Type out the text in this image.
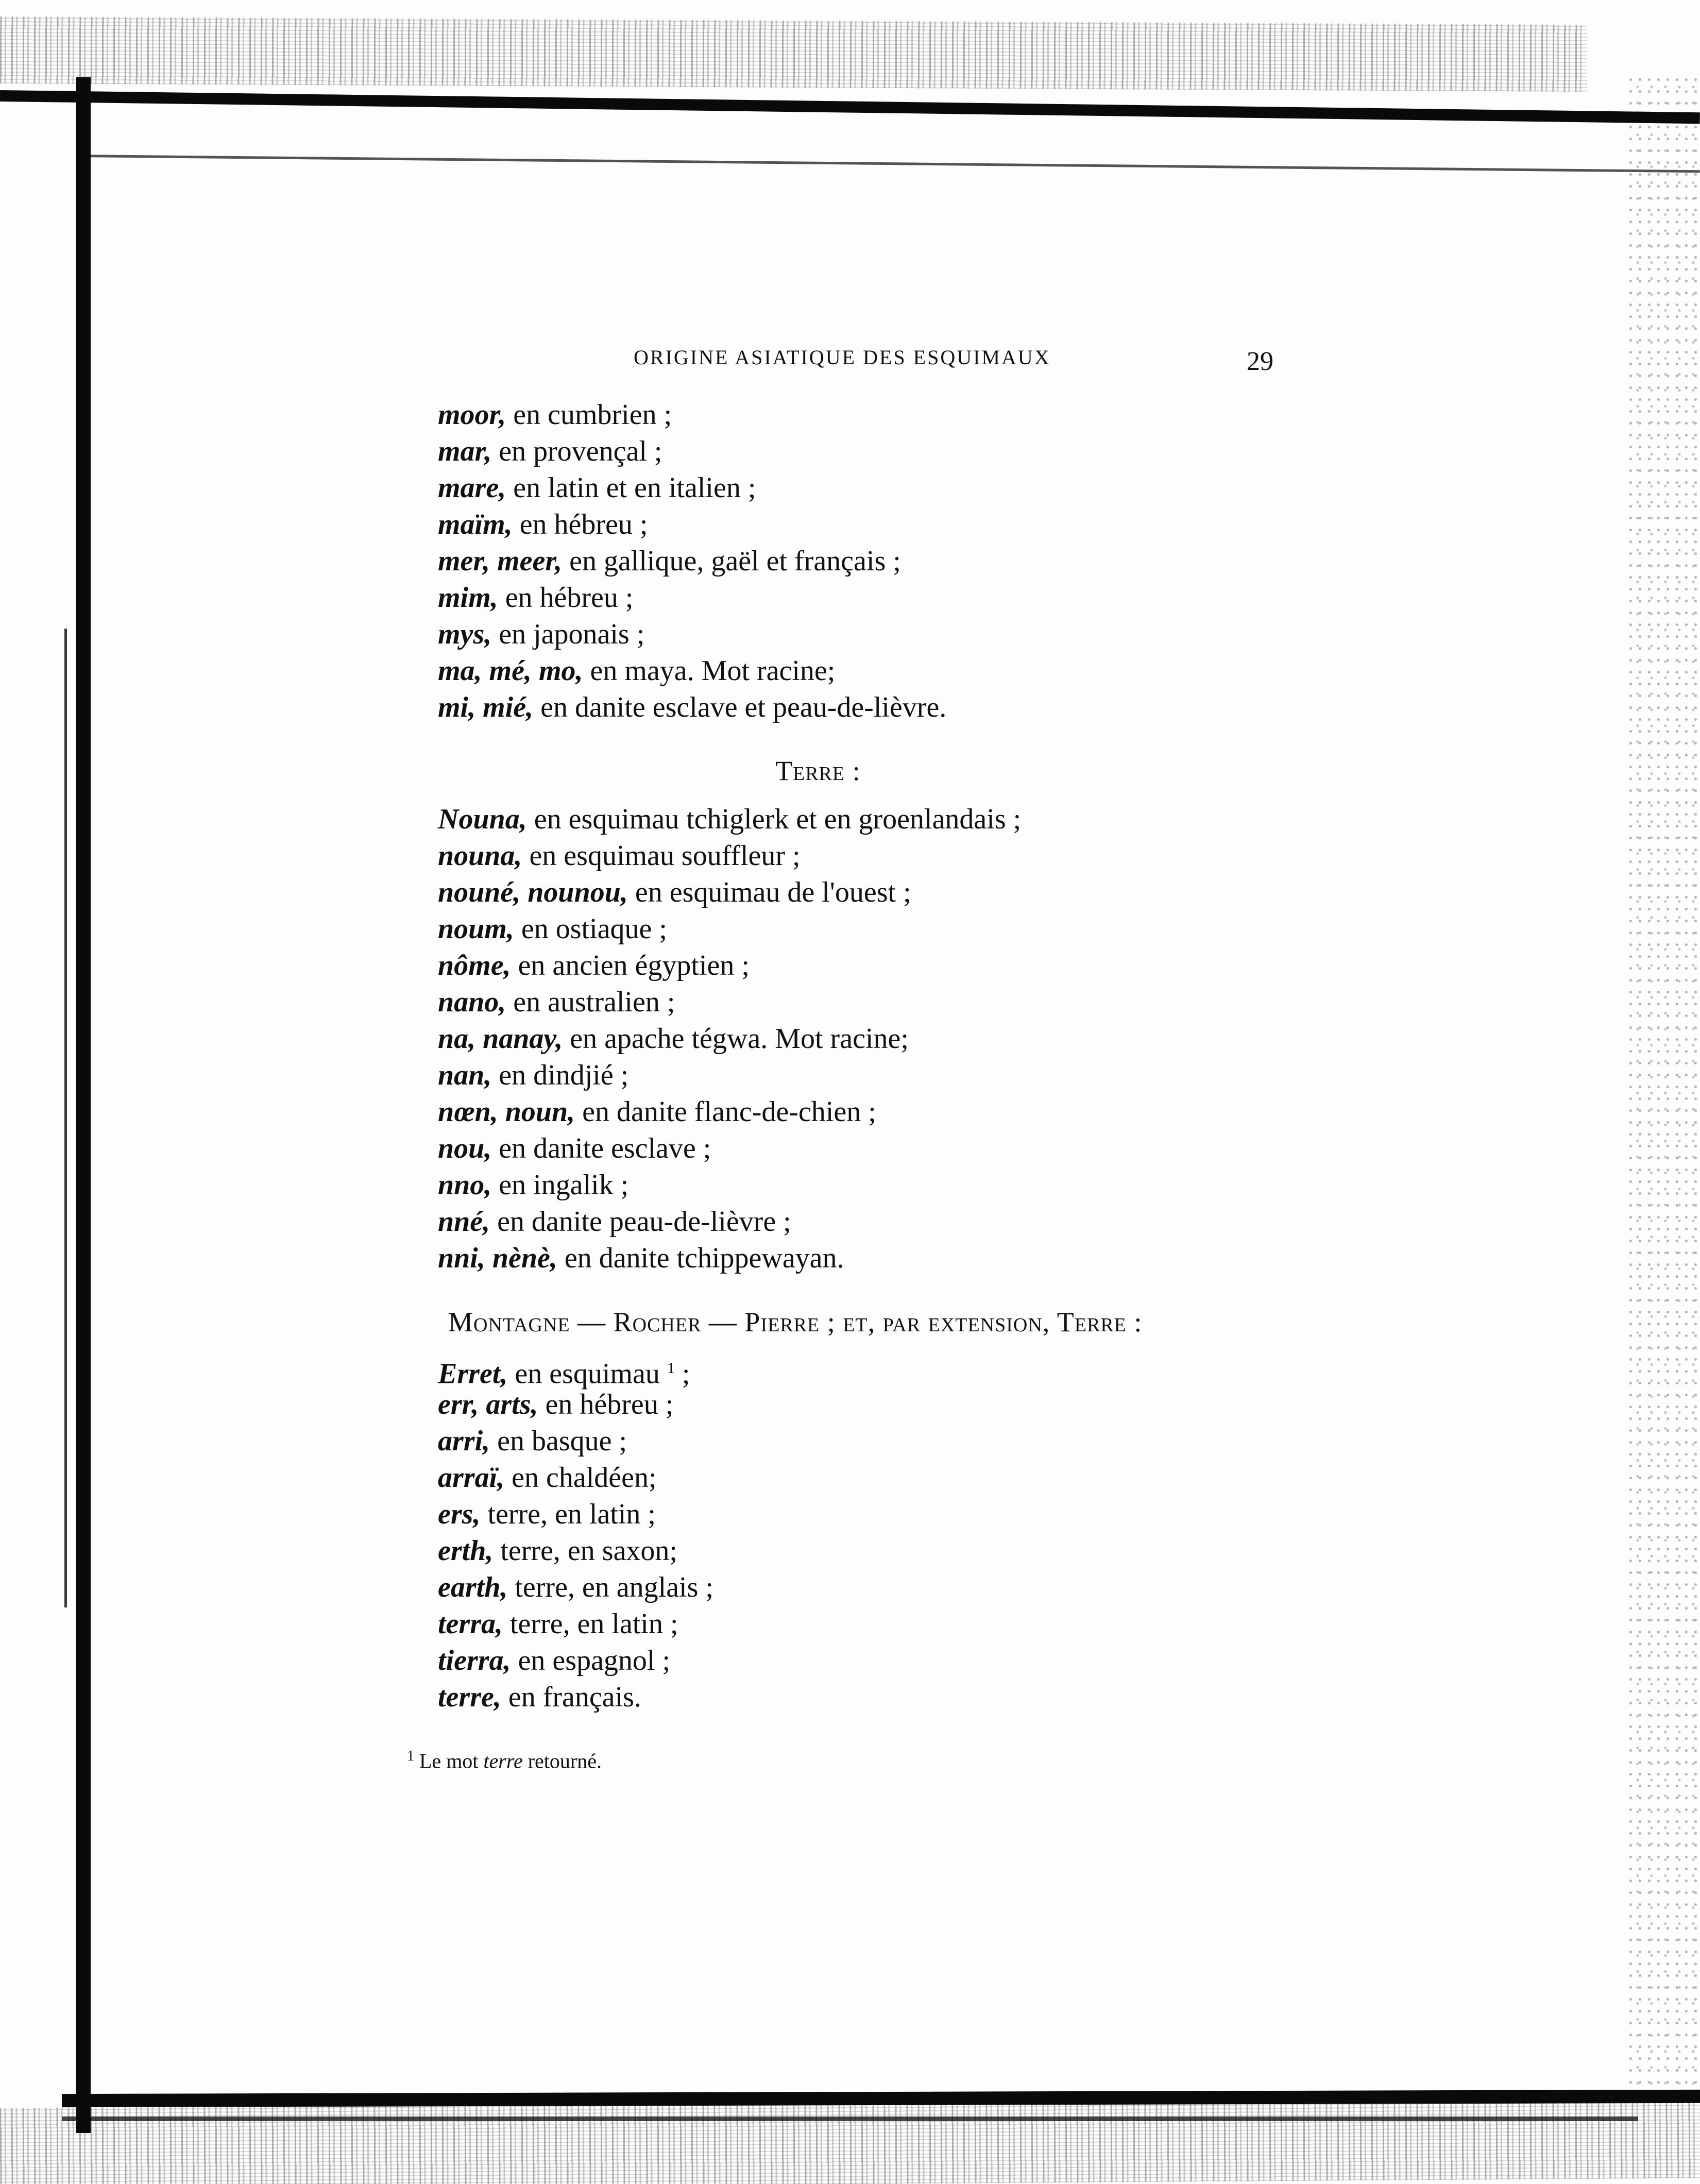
ORIGINE ASIATIQUE DES ESQUIMAUX	29
moor, en cumbrien ;
mar, en provençal ;
mare, en latin et en italien ;
maïm, en hébreu ;
mer, meer, en gallique, gaël et français ;
mim, en hébreu ;
mys, en japonais ;
ma, mé, mo, en maya. Mot racine;
mi, mié, en danite esclave et peau-de-lièvre.
Terre :
Nouna, en esquimau tchiglerk et en groenlandais ;
nouna, en esquimau souffleur ;
nouné, nounou, en esquimau de l'ouest ;
noum, en ostiaque ;
nôme, en ancien égyptien ;
nano, en australien ;
na, nanay, en apache tégwa. Mot racine;
nan, en dindjié ;
nœn, noun, en danite flanc-de-chien ;
nou, en danite esclave ;
nno, en ingalik ;
nné, en danite peau-de-lièvre ;
nni, nènè, en danite tchippewayan.
Montagne — Rocher — Pierre ; et, par extension, Terre :
Erret, en esquimau $^1$ ;
err, arts, en hébreu ;
arri, en basque ;
arraï, en chaldéen;
ers, terre, en latin ;
erth, terre, en saxon;
earth, terre, en anglais ;
terra, terre, en latin ;
tierra, en espagnol ;
terre, en français.
$^1$ Le mot terre retourné.
